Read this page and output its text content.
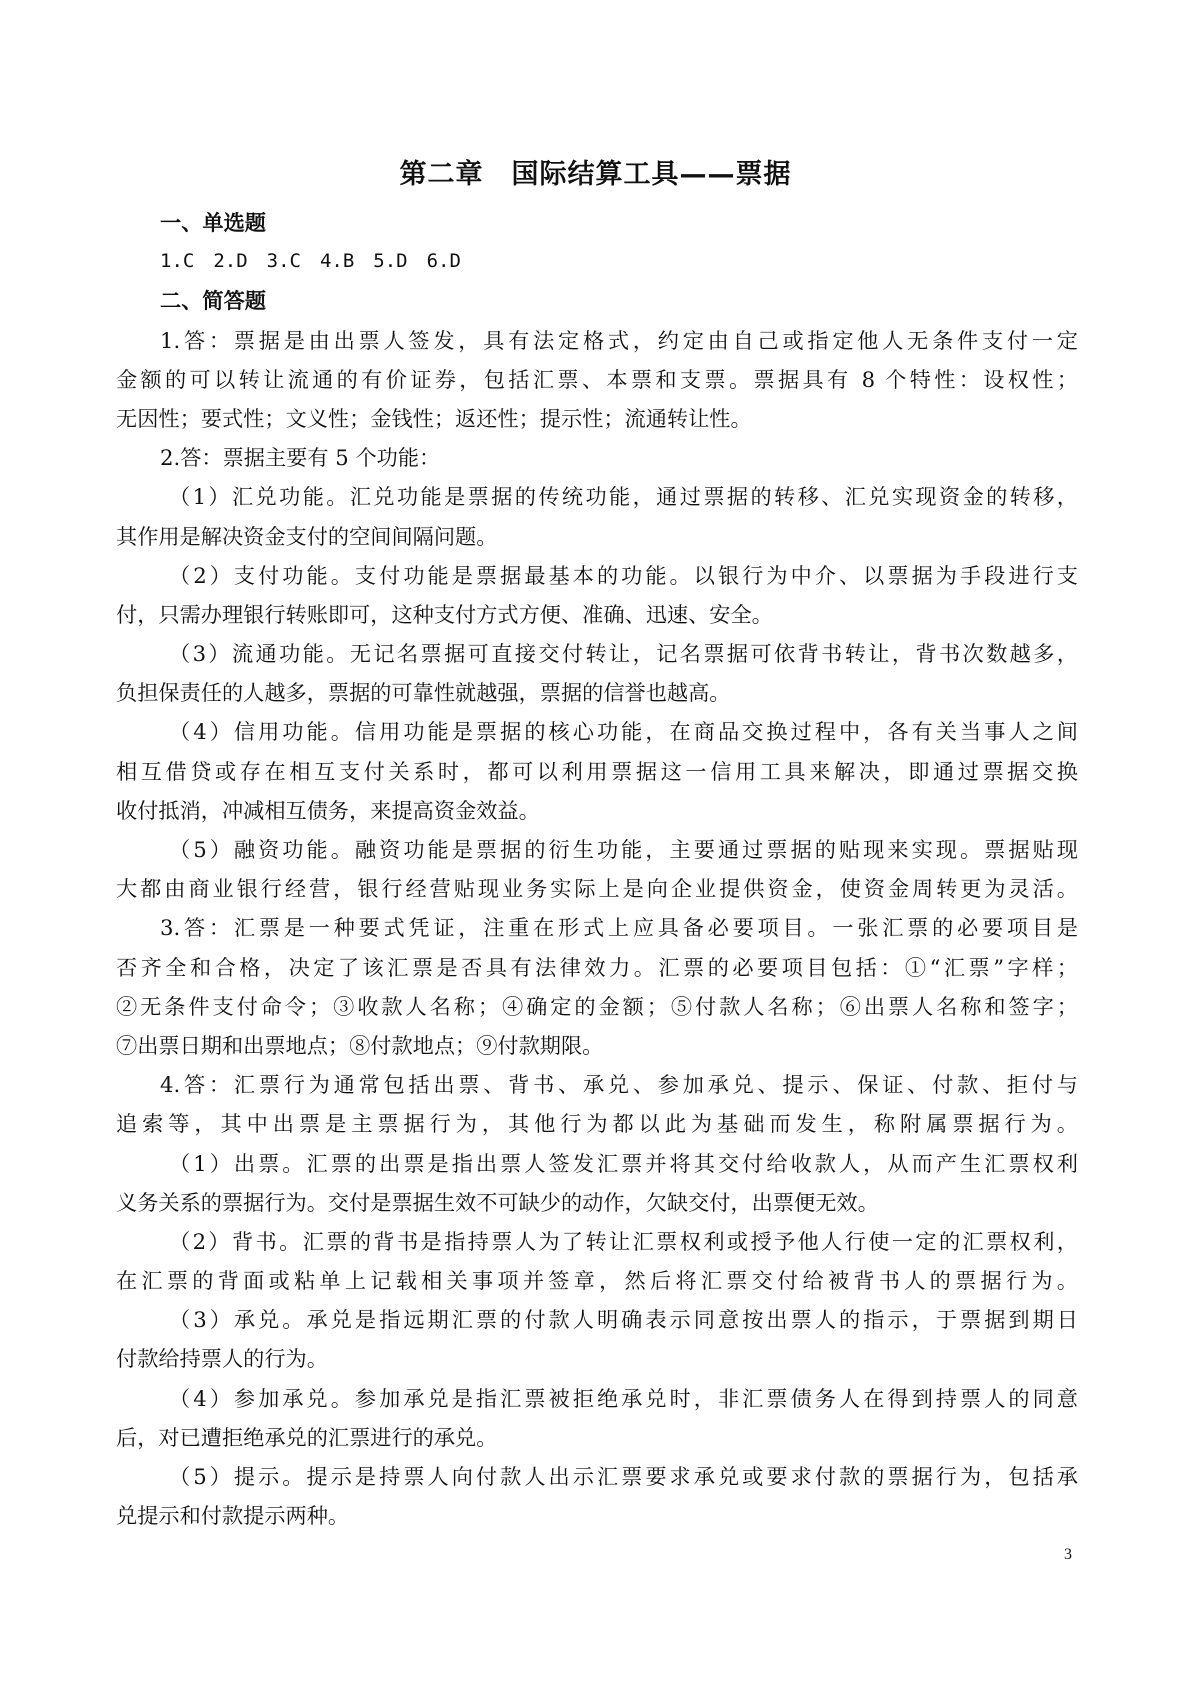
第二章　国际结算工具——票据
一、单选题
1.C　2.D　3.C　4.B　5.D　6.D
二、简答题
1.答：票据是由出票人签发，具有法定格式，约定由自己或指定他人无条件支付一定
金额的可以转让流通的有价证券，包括汇票、本票和支票。票据具有 8 个特性：设权性；
无因性；要式性；文义性；金钱性；返还性；提示性；流通转让性。
2.答：票据主要有 5 个功能：
（1）汇兑功能。汇兑功能是票据的传统功能，通过票据的转移、汇兑实现资金的转移，
其作用是解决资金支付的空间间隔问题。
（2）支付功能。支付功能是票据最基本的功能。以银行为中介、以票据为手段进行支
付，只需办理银行转账即可，这种支付方式方便、准确、迅速、安全。
（3）流通功能。无记名票据可直接交付转让，记名票据可依背书转让，背书次数越多，
负担保责任的人越多，票据的可靠性就越强，票据的信誉也越高。
（4）信用功能。信用功能是票据的核心功能，在商品交换过程中，各有关当事人之间
相互借贷或存在相互支付关系时，都可以利用票据这一信用工具来解决，即通过票据交换
收付抵消，冲减相互债务，来提高资金效益。
（5）融资功能。融资功能是票据的衍生功能，主要通过票据的贴现来实现。票据贴现
大都由商业银行经营，银行经营贴现业务实际上是向企业提供资金，使资金周转更为灵活。
3.答：汇票是一种要式凭证，注重在形式上应具备必要项目。一张汇票的必要项目是
否齐全和合格，决定了该汇票是否具有法律效力。汇票的必要项目包括：①“汇票”字样；
②无条件支付命令；③收款人名称；④确定的金额；⑤付款人名称；⑥出票人名称和签字；
⑦出票日期和出票地点；⑧付款地点；⑨付款期限。
4.答：汇票行为通常包括出票、背书、承兑、参加承兑、提示、保证、付款、拒付与
追索等，其中出票是主票据行为，其他行为都以此为基础而发生，称附属票据行为。
（1）出票。汇票的出票是指出票人签发汇票并将其交付给收款人，从而产生汇票权利
义务关系的票据行为。交付是票据生效不可缺少的动作，欠缺交付，出票便无效。
（2）背书。汇票的背书是指持票人为了转让汇票权利或授予他人行使一定的汇票权利，
在汇票的背面或粘单上记载相关事项并签章，然后将汇票交付给被背书人的票据行为。
（3）承兑。承兑是指远期汇票的付款人明确表示同意按出票人的指示，于票据到期日
付款给持票人的行为。
（4）参加承兑。参加承兑是指汇票被拒绝承兑时，非汇票债务人在得到持票人的同意
后，对已遭拒绝承兑的汇票进行的承兑。
（5）提示。提示是持票人向付款人出示汇票要求承兑或要求付款的票据行为，包括承
兑提示和付款提示两种。
3
